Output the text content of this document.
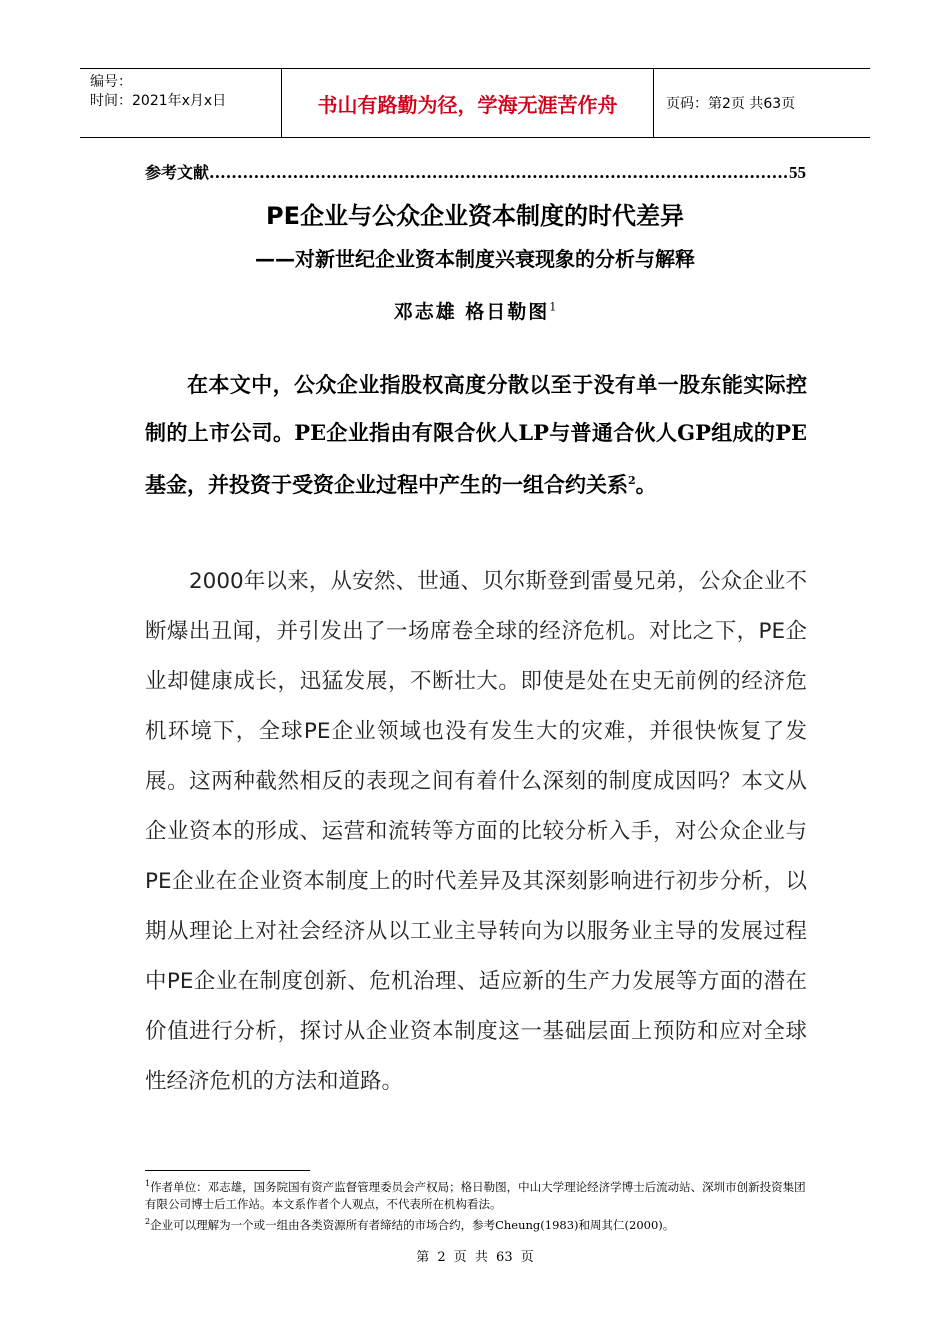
编号：
时间：2021年x月x日	书山有路勤为径，学海无涯苦作舟	页码：第2页 共63页
参考文献
.....	55
PE企业与公众企业资本制度的时代差异
——对新世纪企业资本制度兴衰现象的分析与解释
邓志雄 格日勒图$^1$
在本文中，公众企业指股权高度分散以至于没有单一股东能实际控制的上市公司。PE企业指由有限合伙人LP与普通合伙人GP组成的PE基金，并投资于受资企业过程中产生的一组合约关系$^2$。
2000年以来，从安然、世通、贝尔斯登到雷曼兄弟，公众企业不断爆出丑闻，并引发出了一场席卷全球的经济危机。对比之下，PE企业却健康成长，迅猛发展，不断壮大。即使是处在史无前例的经济危机环境下，全球PE企业领域也没有发生大的灾难，并很快恢复了发展。这两种截然相反的表现之间有着什么深刻的制度成因吗？本文从企业资本的形成、运营和流转等方面的比较分析入手，对公众企业与PE企业在企业资本制度上的时代差异及其深刻影响进行初步分析，以期从理论上对社会经济从以工业主导转向为以服务业主导的发展过程中PE企业在制度创新、危机治理、适应新的生产力发展等方面的潜在价值进行分析，探讨从企业资本制度这一基础层面上预防和应对全球性经济危机的方法和道路。
$^1$作者单位：邓志雄，国务院国有资产监督管理委员会产权局；格日勒图，中山大学理论经济学博士后流动站、深圳市创新投资集团有限公司博士后工作站。本文系作者个人观点，不代表所在机构看法。
$^2$企业可以理解为一个或一组由各类资源所有者缔结的市场合约，参考Cheung(1983)和周其仁(2000)。
第 2 页 共 63 页
